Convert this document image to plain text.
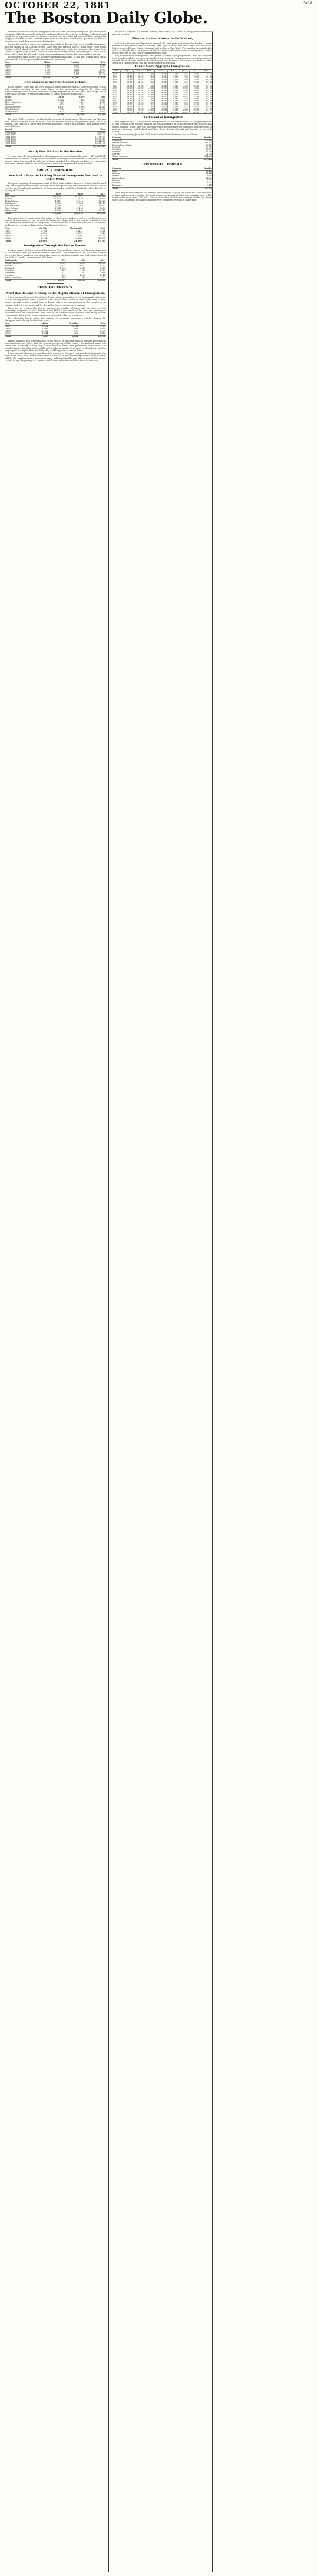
OCTOBER 22, 1881	Part 2
The Boston Daily Globe.

previously watches over his baggage is will be lost, and they worry and get themselves into many difficulties nearly. Although each one of them has a ticket with him is about as well cared for as a person could be in this crowded city, and although each of them can get his baggage checked and the steamer agent does all he can to assist them, yet they are a much harassed set until they reach their destination.

During the past few years the number of arrivals at this port has been steadily increasing, and the books at the Custom House show that the greater part of them come from Great Britain, with Ireland, Germany and Sweden following, while the number who come from Canada is quite large as well. Most of them are farming people, and they go at once to the West, where they have friends, relatives or employment waiting for them on their arrival.

The following table shows the number of immigrants landed at this port during each of the years noted, with the principal nationalities represented:

Year	Males	Females	Total
1876	5,412	3,998	9,410
1877	4,987	3,705	8,692
1878	5,120	3,811	8,931
1879	6,805	4,702	11,507
1880	14,320	9,116	23,436
Total	36,644	25,332	61,976
New England as Favorite Stopping Place.

These figures show that the New England states have received a large proportion of the total number arriving at this port. Many of the newcomers stop in the cities and manufacturing towns, where they find steady employment in the mills and shops, while others take up lands in the northern parts of Maine and New Hampshire.

State	1878	1879	1880
Maine	1,204	1,388	2,015
New Hampshire	987	1,104	1,876
Vermont	612	701	1,120
Massachusetts	4,851	5,906	11,240
Rhode Island	703	855	1,432
Connecticut	802	944	1,603
Total	9,159	10,898	19,286

The year 1881 is without parallel in the records of immigration. The returns for the first nine months indicate that the totals will far exceed those of any previous year, and it is evident that there is a large and growing movement toward this country from nearly every part of Europe.

Period			Total
1820-1830			151,824
1831-1840			599,125
1841-1850			1,713,251
1851-1860			2,598,214
1861-1870			2,314,824
1871-1880			2,812,191
Total			10,189,429
Nearly Five Millions in the Decades

of years since the largest number of immigrants arrived between the years 1847 and 1854, when famine in Ireland and political troubles in Germany drove hundreds of thousands to our shores. Since that period the tide has at times receded, but it has never failed to return with increased volume, and the present season promises to surpass all former records.

ARRIVALS ELSEWHERE.
New York a Favorite Landing Place of Immigrants Destined to Other Ports.

The great majority of immigrants land at New York, and are lodged in Castle Garden until they are ready to continue their journey. From that point they are distributed over the whole country by the railroads, and many of them eventually reach New England, either directly or by way of Canada.

Port	1879	1880	1881*
New York	135,070	327,371	362,445
Boston	11,507	23,436	28,904
Philadelphia	4,911	13,016	15,822
Baltimore	6,802	19,874	24,117
San Francisco	8,208	12,035	14,902
New Orleans	1,874	3,108	3,556
Other ports	9,730	24,400	29,215
Total	178,102	423,240	478,961

The proportion of immigrants who arrive in these ports and proceed to New England is a matter of some interest, but no accurate figures are kept, and it can only be estimated from the statements of the railroad companies. It is believed that about one-sixth of all the arrivals find their way sooner or later to the New England States.

Year	Via N.Y.	Via Canada	Total
1877	3,104	4,112	7,216
1878	3,556	4,687	8,243
1879	4,201	5,903	10,104
1880	8,944	10,288	19,232
Total	19,805	24,990	44,795
Immigration Through the Port of Boston.

A single glance at the returns of the Boston Custom House shows how large a proportion of the arrivals here are from the British provinces. The steamers of the Allan and Cunard lines bring large numbers, and many also come by rail from Canada and find employment in the mills of Lowell, Lawrence and Fall River.

Nationality	1879	1880	1881*
British Provinces	6,102	12,881	15,405
Ireland	2,414	4,977	6,102
England	1,206	2,612	3,241
Scotland	402	911	1,120
Germany	311	702	988
Sweden	604	1,003	1,411
Other countries	468	350	637
Total	11,507	23,436	28,904
COUNTER-CURRENTS.
What Has Become of Many in the Mighty Stream of Immigration.

It is a matter of common knowledge that a certain proportion of the immigrants who come to this country return after a time to their native lands. Some of them come only to earn money enough to buy a small farm at home; others are disappointed in the country or its climate, and a few are sent back by the authorities as paupers or criminals.

There are no trustworthy figures showing the number of those who go back, but the steamship companies report that from one-fifth to one-fourth of the steerage passengers outward bound are persons who have lived in the United States for some time. Many of them return again after a visit home, bringing friends and relatives with them.

The following figures show the number of steerage passengers leaving Boston for European ports during the last four years:

Year	Males	Females	Total
1877	2,104	1,011	3,115
1878	1,987	964	2,951
1879	1,702	877	2,579
1880	1,544	802	2,346
Total	7,337	3,654	10,991

Among students and travelers who travel east, it is believed that the number returning is less than in former years, and the general prosperity of the country has induced many who came here intending to stay only a short time to make their permanent home here. The steady demand for labor in the mills and on the farms has kept most of them busy, and the wages paid are higher than anything they could hope to receive at home.

A vast amount of money is sent from this country to Europe every year by immigrants who have found work here. The money orders issued by the Post Office Department and the drafts sold by the banking houses amount to many millions annually, and a large part of this money is used to pay the passage of relatives and friends who wish to follow them to America.

per year. Last year 259 of them arrived, and about 1920 about 26,440 Japanese have come into the country.

There is Another Current to be Noticed,

and that is the one which pours in through the land ports and across the border. A certain number of immigrants land in Canada, and after a short stay cross over into the United States, especially into Maine, Vermont and northern New York. The number is considerable, and it is thought that the returns of the Canadian authorities show an emigration of about 20,000 persons to this country during the last year.

The Scandinavian immigration has grown to very large proportions, and the emigrants from Sweden and Norway now outnumber those from any other country except Germany and Ireland. Most of them settle in the Northwest, in Minnesota, Wisconsin and Dakota, where they find a climate and a soil like those of their native land.

Twenty Years' Aggregate Immigration.
Year	Eng.	Irel.	Scot.	Ger.	Swe.	Nor.	Can.	Total
1861	19,675	23,797	3,000	31,661	313	1,627	2,069	91,918
1862	24,064	23,351	3,011	27,529	1,457	3,553	3,275	91,985
1863	66,882	55,916	3,839	33,162	1,336	1,548	3,464	176,282
1864	53,428	63,523	4,023	57,276	1,876	1,936	3,636	193,418
1865	82,465	29,772	4,097	83,424	3,094	2,762	21,586	248,120
1866	94,924	36,690	4,904	115,892	2,249	7,321	32,150	318,568
1867	72,000	74,000	5,500	133,000	5,100	7,000	22,000	315,722
1868	60,000	57,000	8,000	123,000	11,400	10,000	25,000	282,189
1869	84,438	40,786	10,800	131,042	24,224	16,068	24,030	352,768
1870	103,677	56,996	12,000	118,225	13,443	13,216	40,414	387,203
1871	85,455	57,439	11,000	82,554	11,985	9,418	47,082	321,350
1872	84,912	68,732	13,000	141,109	16,123	10,241	40,176	404,806
1873	89,500	77,344	13,841	149,671	13,625	16,247	37,891	459,803
1874	62,021	53,707	8,781	87,291	5,953	9,109	32,960	313,339
1875	47,905	37,957	7,356	47,769	5,573	6,041	24,097	227,498
1876	29,291	19,575	5,037	31,937	5,603	5,173	22,471	169,986
1877	23,581	14,569	4,119	29,298	4,991	4,588	22,101	141,857
1878	22,150	15,932	4,288	29,313	5,390	4,759	25,568	138,469
1879	29,955	20,013	5,880	34,602	11,001	7,345	31,268	177,826
1880	59,454	71,603	12,640	84,638	39,186	19,895	99,744	457,257
Total	1,196,777	947,022	145,116	1,631,951	184,943	158,845	566,122	5,771,364
The Record of Immigration

was begun in 1820. It is recorded that previous to that year at least 250,000 persons came to this country from Europe, making the whole number up to the present time not less than eleven millions. In the sixty-one years for which records exist the countries that have sent the most are Germany and Ireland, and then Great Britain, Canada and Sweden in the order named.

In the year ending June 30, 1881, the total number of arrivals was as follows:

Country			Number
Germany			210,485
British America			125,391
England and Wales			65,177
Ireland			72,342
Scotland			18,937
Sweden			49,760
Norway			22,705
Other countries			104,635
Total			669,432
CONTINENTAL ARRIVALS.
Country			Number
Italy			15,401
Austria			11,118
Russia			5,041
Switzerland			11,293
France			5,227
Holland			8,597
Denmark			9,117
Total			65,794

If we add to these figures the arrivals since the first of July, and allow for those who come by land and are not recorded, the total number of immigrants for the calendar year will be found to be more than 750,000. This is more than double the average of the last twenty years, and far beyond the largest number ever before received in a single year.
